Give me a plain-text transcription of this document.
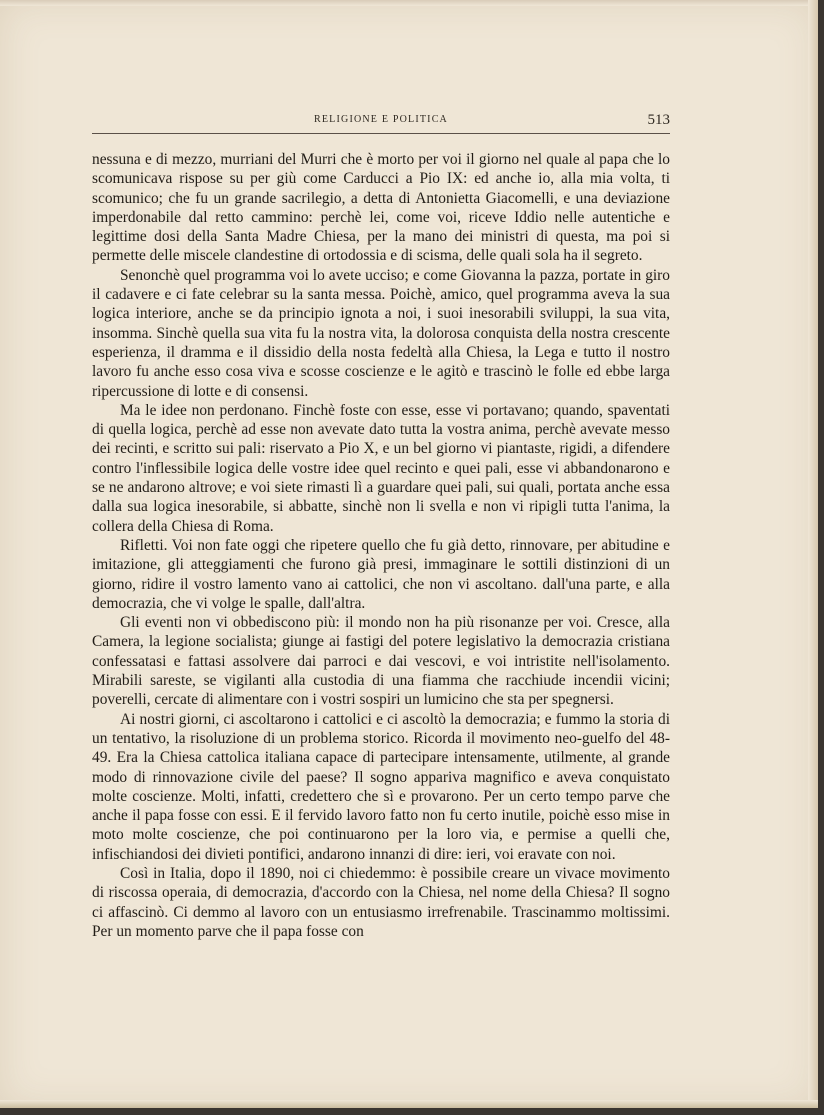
RELIGIONE E POLITICA	513

nessuna e di mezzo, murriani del Murri che è morto per voi il giorno nel quale al papa che lo scomunicava rispose su per giù come Carducci a Pio IX: ed anche io, alla mia volta, ti scomunico; che fu un grande sacrilegio, a detta di Antonietta Giacomelli, e una deviazione imperdonabile dal retto cammino: perchè lei, come voi, riceve Iddio nelle autentiche e legittime dosi della Santa Madre Chiesa, per la mano dei ministri di questa, ma poi si permette delle miscele clandestine di ortodossia e di scisma, delle quali sola ha il segreto.

Senonchè quel programma voi lo avete ucciso; e come Giovanna la pazza, portate in giro il cadavere e ci fate celebrar su la santa messa. Poichè, amico, quel programma aveva la sua logica interiore, anche se da principio ignota a noi, i suoi inesorabili sviluppi, la sua vita, insomma. Sinchè quella sua vita fu la nostra vita, la dolorosa conquista della nostra crescente esperienza, il dramma e il dissidio della nosta fedeltà alla Chiesa, la Lega e tutto il nostro lavoro fu anche esso cosa viva e scosse coscienze e le agitò e trascinò le folle ed ebbe larga ripercussione di lotte e di consensi.

Ma le idee non perdonano. Finchè foste con esse, esse vi portavano; quando, spaventati di quella logica, perchè ad esse non avevate dato tutta la vostra anima, perchè avevate messo dei recinti, e scritto sui pali: riservato a Pio X, e un bel giorno vi piantaste, rigidi, a difendere contro l'inflessibile logica delle vostre idee quel recinto e quei pali, esse vi abbandonarono e se ne andarono altrove; e voi siete rimasti lì a guardare quei pali, sui quali, portata anche essa dalla sua logica inesorabile, si abbatte, sinchè non li svella e non vi ripigli tutta l'anima, la collera della Chiesa di Roma.

Rifletti. Voi non fate oggi che ripetere quello che fu già detto, rinnovare, per abitudine e imitazione, gli atteggiamenti che furono già presi, immaginare le sottili distinzioni di un giorno, ridire il vostro lamento vano ai cattolici, che non vi ascoltano. dall'una parte, e alla democrazia, che vi volge le spalle, dall'altra.

Gli eventi non vi obbediscono più: il mondo non ha più risonanze per voi. Cresce, alla Camera, la legione socialista; giunge ai fastigi del potere legislativo la democrazia cristiana confessatasi e fattasi assolvere dai parroci e dai vescovi, e voi intristite nell'isolamento. Mirabili sareste, se vigilanti alla custodia di una fiamma che racchiude incendii vicini; poverelli, cercate di alimentare con i vostri sospiri un lumicino che sta per spegnersi.

Ai nostri giorni, ci ascoltarono i cattolici e ci ascoltò la democrazia; e fummo la storia di un tentativo, la risoluzione di un problema storico. Ricorda il movimento neo-guelfo del 48-49. Era la Chiesa cattolica italiana capace di partecipare intensamente, utilmente, al grande modo di rinnovazione civile del paese? Il sogno appariva magnifico e aveva conquistato molte coscienze. Molti, infatti, credettero che sì e provarono. Per un certo tempo parve che anche il papa fosse con essi. E il fervido lavoro fatto non fu certo inutile, poichè esso mise in moto molte coscienze, che poi continuarono per la loro via, e permise a quelli che, infischiandosi dei divieti pontifici, andarono innanzi di dire: ieri, voi eravate con noi.

Così in Italia, dopo il 1890, noi ci chiedemmo: è possibile creare un vivace movimento di riscossa operaia, di democrazia, d'accordo con la Chiesa, nel nome della Chiesa? Il sogno ci affascinò. Ci demmo al lavoro con un entusiasmo irrefrenabile. Trascinammo moltissimi. Per un momento parve che il papa fosse con
